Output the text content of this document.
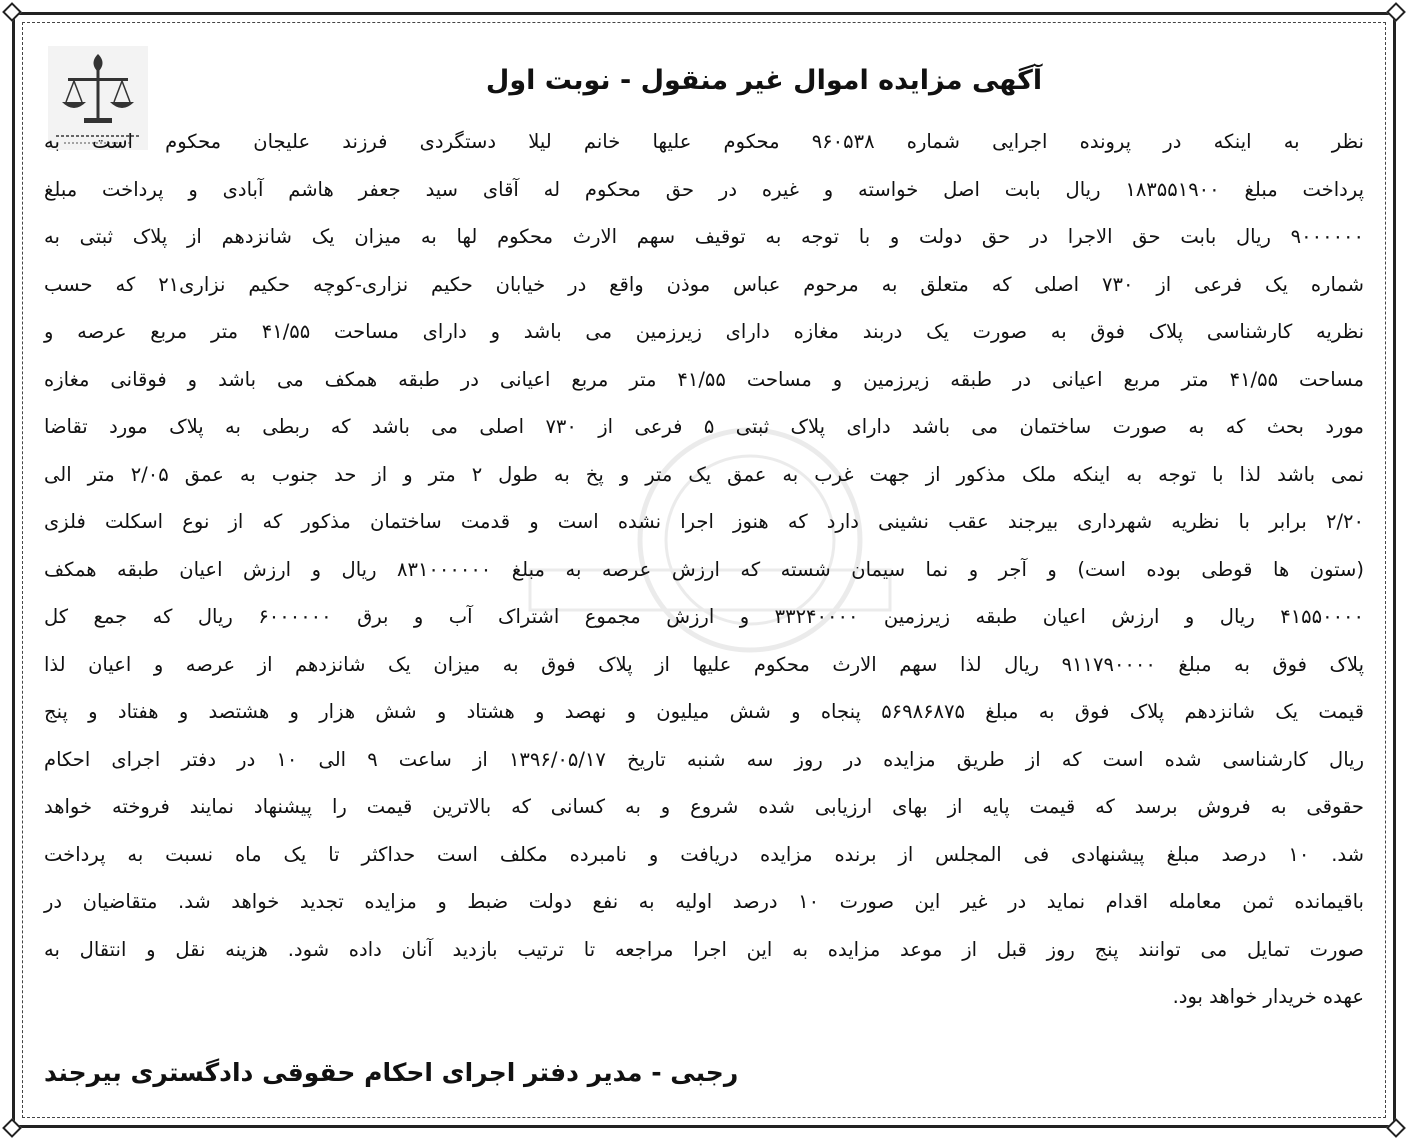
آگهی مزایده اموال غیر منقول - نوبت اول
نظر به اینکه در پرونده اجرایی شماره ۹۶۰۵۳۸ محکوم علیها خانم لیلا دستگردی فرزند علیجان محکوم است به
پرداخت مبلغ ۱۸۳۵۵۱۹۰۰ ریال بابت اصل خواسته و غیره در حق محکوم له آقای سید جعفر هاشم آبادی و پرداخت مبلغ
۹۰۰۰۰۰۰ ریال بابت حق الاجرا در حق دولت و با توجه به توقیف سهم الارث محکوم لها به میزان یک شانزدهم از پلاک ثبتی به
شماره یک فرعی از ۷۳۰ اصلی که متعلق به مرحوم عباس موذن واقع در خیابان حکیم نزاری-کوچه حکیم نزاری۲۱ که حسب
نظریه کارشناسی پلاک فوق به صورت یک دربند مغازه دارای زیرزمین می باشد و دارای مساحت ۴۱/۵۵ متر مربع عرصه و
مساحت ۴۱/۵۵ متر مربع اعیانی در طبقه زیرزمین و مساحت ۴۱/۵۵ متر مربع اعیانی در طبقه همکف می باشد و فوقانی مغازه
مورد بحث که به صورت ساختمان می باشد دارای پلاک ثبتی ۵ فرعی از ۷۳۰ اصلی می باشد که ربطی به پلاک مورد تقاضا
نمی باشد لذا با توجه به اینکه ملک مذکور از جهت غرب به عمق یک متر و پخ به طول ۲ متر و از حد جنوب به عمق ۲/۰۵ متر الی
۲/۲۰ برابر با نظریه شهرداری بیرجند عقب نشینی دارد که هنوز اجرا نشده است و قدمت ساختمان مذکور که از نوع اسکلت فلزی
(ستون ها قوطی بوده است) و آجر و نما سیمان شسته که ارزش عرصه به مبلغ ۸۳۱۰۰۰۰۰۰ ریال و ارزش اعیان طبقه همکف
۴۱۵۵۰۰۰۰ ریال و ارزش اعیان طبقه زیرزمین ۳۳۲۴۰۰۰۰ و ارزش مجموع اشتراک آب و برق ۶۰۰۰۰۰۰ ریال که جمع کل
پلاک فوق به مبلغ ۹۱۱۷۹۰۰۰۰ ریال لذا سهم الارث محکوم علیها از پلاک فوق به میزان یک شانزدهم از عرصه و اعیان لذا
قیمت یک شانزدهم پلاک فوق به مبلغ ۵۶۹۸۶۸۷۵ پنجاه و شش میلیون و نهصد و هشتاد و شش هزار و هشتصد و هفتاد و پنج
ریال کارشناسی شده است که از طریق مزایده در روز سه شنبه تاریخ ۱۳۹۶/۰۵/۱۷ از ساعت ۹ الی ۱۰ در دفتر اجرای احکام
حقوقی به فروش برسد که قیمت پایه از بهای ارزیابی شده شروع و به کسانی که بالاترین قیمت را پیشنهاد نمایند فروخته خواهد
شد. ۱۰ درصد مبلغ پیشنهادی فی المجلس از برنده مزایده دریافت و نامبرده مکلف است حداکثر تا یک ماه نسبت به پرداخت
باقیمانده ثمن معامله اقدام نماید در غیر این صورت ۱۰ درصد اولیه به نفع دولت ضبط و مزایده تجدید خواهد شد. متقاضیان در
صورت تمایل می توانند پنج روز قبل از موعد مزایده به این اجرا مراجعه تا ترتیب بازدید آنان داده شود. هزینه نقل و انتقال به
عهده خریدار خواهد بود.
رجبی - مدیر دفتر اجرای احکام حقوقی دادگستری بیرجند
